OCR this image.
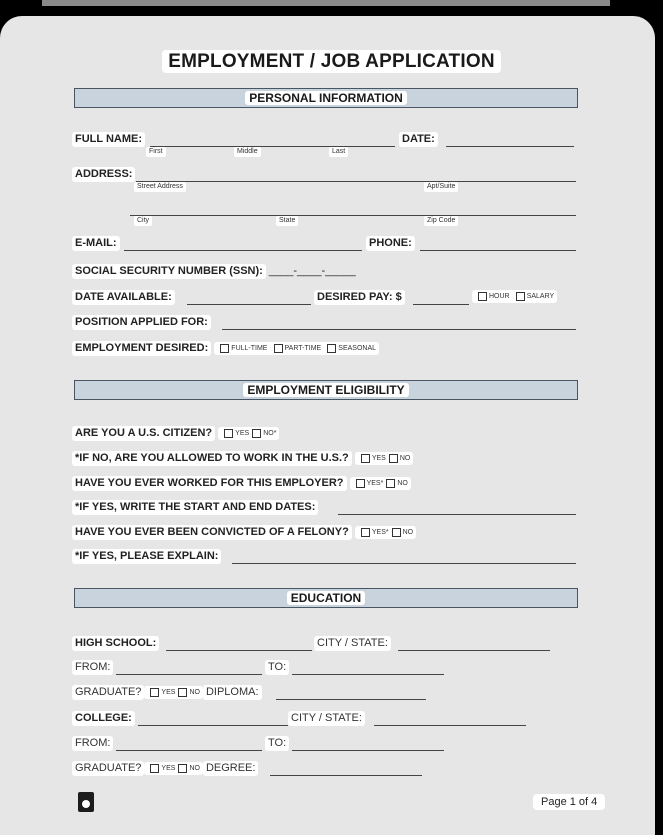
EMPLOYMENT / JOB APPLICATION
PERSONAL INFORMATION
FULL NAME:
First	Middle	Last
DATE:
ADDRESS:
Street Address	Apt/Suite
City	State	Zip Code
E-MAIL:	PHONE:
SOCIAL SECURITY NUMBER (SSN): ____-____-_____
DATE AVAILABLE:	DESIRED PAY: $	HOUR SALARY
POSITION APPLIED FOR:
EMPLOYMENT DESIRED:	FULL-TIME PART-TIME SEASONAL
EMPLOYMENT ELIGIBILITY
ARE YOU A U.S. CITIZEN?	YES NO*
*IF NO, ARE YOU ALLOWED TO WORK IN THE U.S.?	YES NO
HAVE YOU EVER WORKED FOR THIS EMPLOYER?	YES* NO
*IF YES, WRITE THE START AND END DATES:
HAVE YOU EVER BEEN CONVICTED OF A FELONY?	YES* NO
*IF YES, PLEASE EXPLAIN:
EDUCATION
HIGH SCHOOL:	CITY / STATE:
FROM:	TO:
GRADUATE?	YES NO DIPLOMA:
COLLEGE:	CITY / STATE:
FROM:	TO:
GRADUATE?	YES NO DEGREE:
Page 1 of 4
